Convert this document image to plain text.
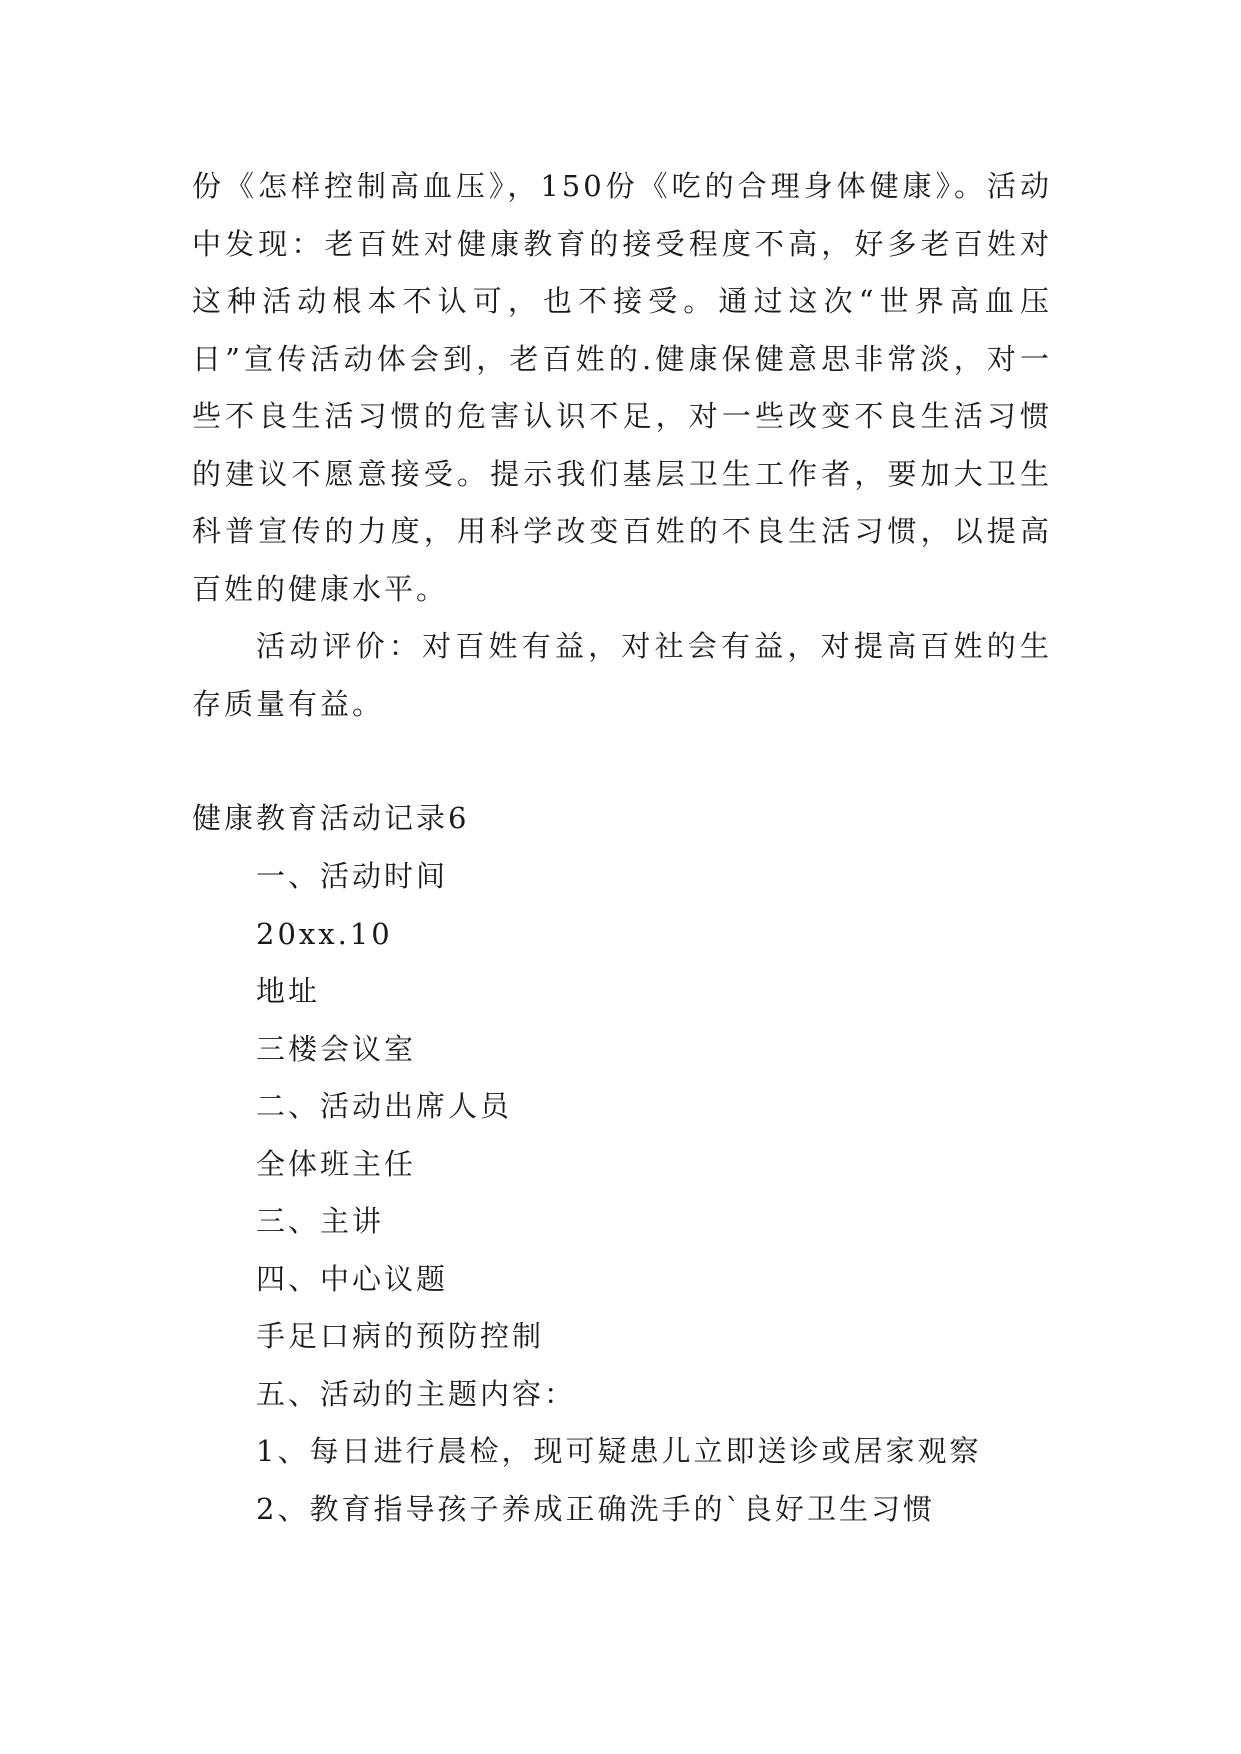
份《怎样控制高血压》，150份《吃的合理身体健康》。活动中发现：老百姓对健康教育的接受程度不高，好多老百姓对这种活动根本不认可，也不接受。通过这次“世界高血压日”宣传活动体会到，老百姓的.健康保健意思非常淡，对一些不良生活习惯的危害认识不足，对一些改变不良生活习惯的建议不愿意接受。提示我们基层卫生工作者，要加大卫生科普宣传的力度，用科学改变百姓的不良生活习惯，以提高百姓的健康水平。

活动评价：对百姓有益，对社会有益，对提高百姓的生存质量有益。

健康教育活动记录6

一、活动时间
20xx.10
地址
三楼会议室
二、活动出席人员
全体班主任
三、主讲
四、中心议题
手足口病的预防控制
五、活动的主题内容：
1、每日进行晨检，现可疑患儿立即送诊或居家观察
2、教育指导孩子养成正确洗手的`良好卫生习惯
